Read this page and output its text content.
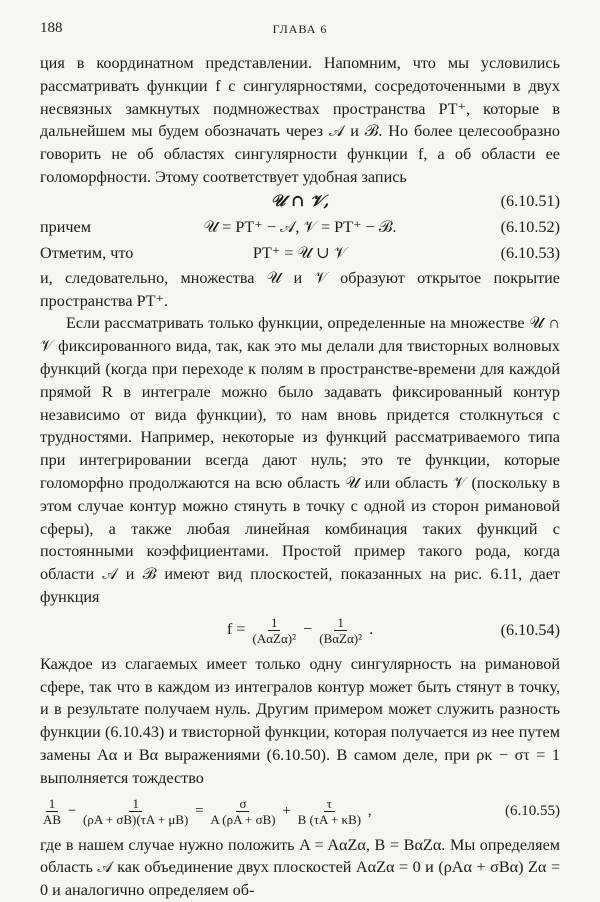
188	ГЛАВА 6

ция в координатном представлении. Напомним, что мы условились рассматривать функции f с сингулярностями, сосредоточенными в двух несвязных замкнутых подмножествах пространства PT⁺, которые в дальнейшем мы будем обозначать через 𝒜 и ℬ. Но более целесообразно говорить не об областях сингулярности функции f, а об области ее голоморфности. Этому соответствует удобная запись

𝒰 ∩ 𝒱,	(6.10.51)
причем	𝒰 = PT⁺ − 𝒜, 𝒱 = PT⁺ − ℬ.	(6.10.52)
Отметим, что	PT⁺ = 𝒰 ∪ 𝒱	(6.10.53)

и, следовательно, множества 𝒰 и 𝒱 образуют открытое покрытие пространства PT⁺.

Если рассматривать только функции, определенные на множестве 𝒰 ∩ 𝒱 фиксированного вида, так, как это мы делали для твисторных волновых функций (когда при переходе к полям в пространстве-времени для каждой прямой R в интеграле можно было задавать фиксированный контур независимо от вида функции), то нам вновь придется столкнуться с трудностями. Например, некоторые из функций рассматриваемого типа при интегрировании всегда дают нуль; это те функции, которые голоморфно продолжаются на всю область 𝒰 или область 𝒱 (поскольку в этом случае контур можно стянуть в точку с одной из сторон римановой сферы), а также любая линейная комбинация таких функций с постоянными коэффициентами. Простой пример такого рода, когда области 𝒜 и ℬ имеют вид плоскостей, показанных на рис. 6.11, дает функция

$f = \frac{1}{\text{(AαZα)²}} - \frac{1}{\text{(BαZα)²}}$ .	(6.10.54)

Каждое из слагаемых имеет только одну сингулярность на римановой сфере, так что в каждом из интегралов контур может быть стянут в точку, и в результате получаем нуль. Другим примером может служить разность функции (6.10.43) и твисторной функции, которая получается из нее путем замены Aα и Bα выражениями (6.10.50). В самом деле, при ρκ − στ = 1 выполняется тождество

$\frac{1}{AB} - \frac{1}{(\rho A + \sigma B)(\tau A + \mu B)} = \frac{\sigma}{A (\rho A + \sigma B)} + \frac{\tau}{B (\tau A + \kappa B)}$ ,	(6.10.55)

где в нашем случае нужно положить A = AαZα, B = BαZα. Мы определяем область 𝒜 как объединение двух плоскостей AαZα = 0 и (ρAα + σBα) Zα = 0 и аналогично определяем об-
